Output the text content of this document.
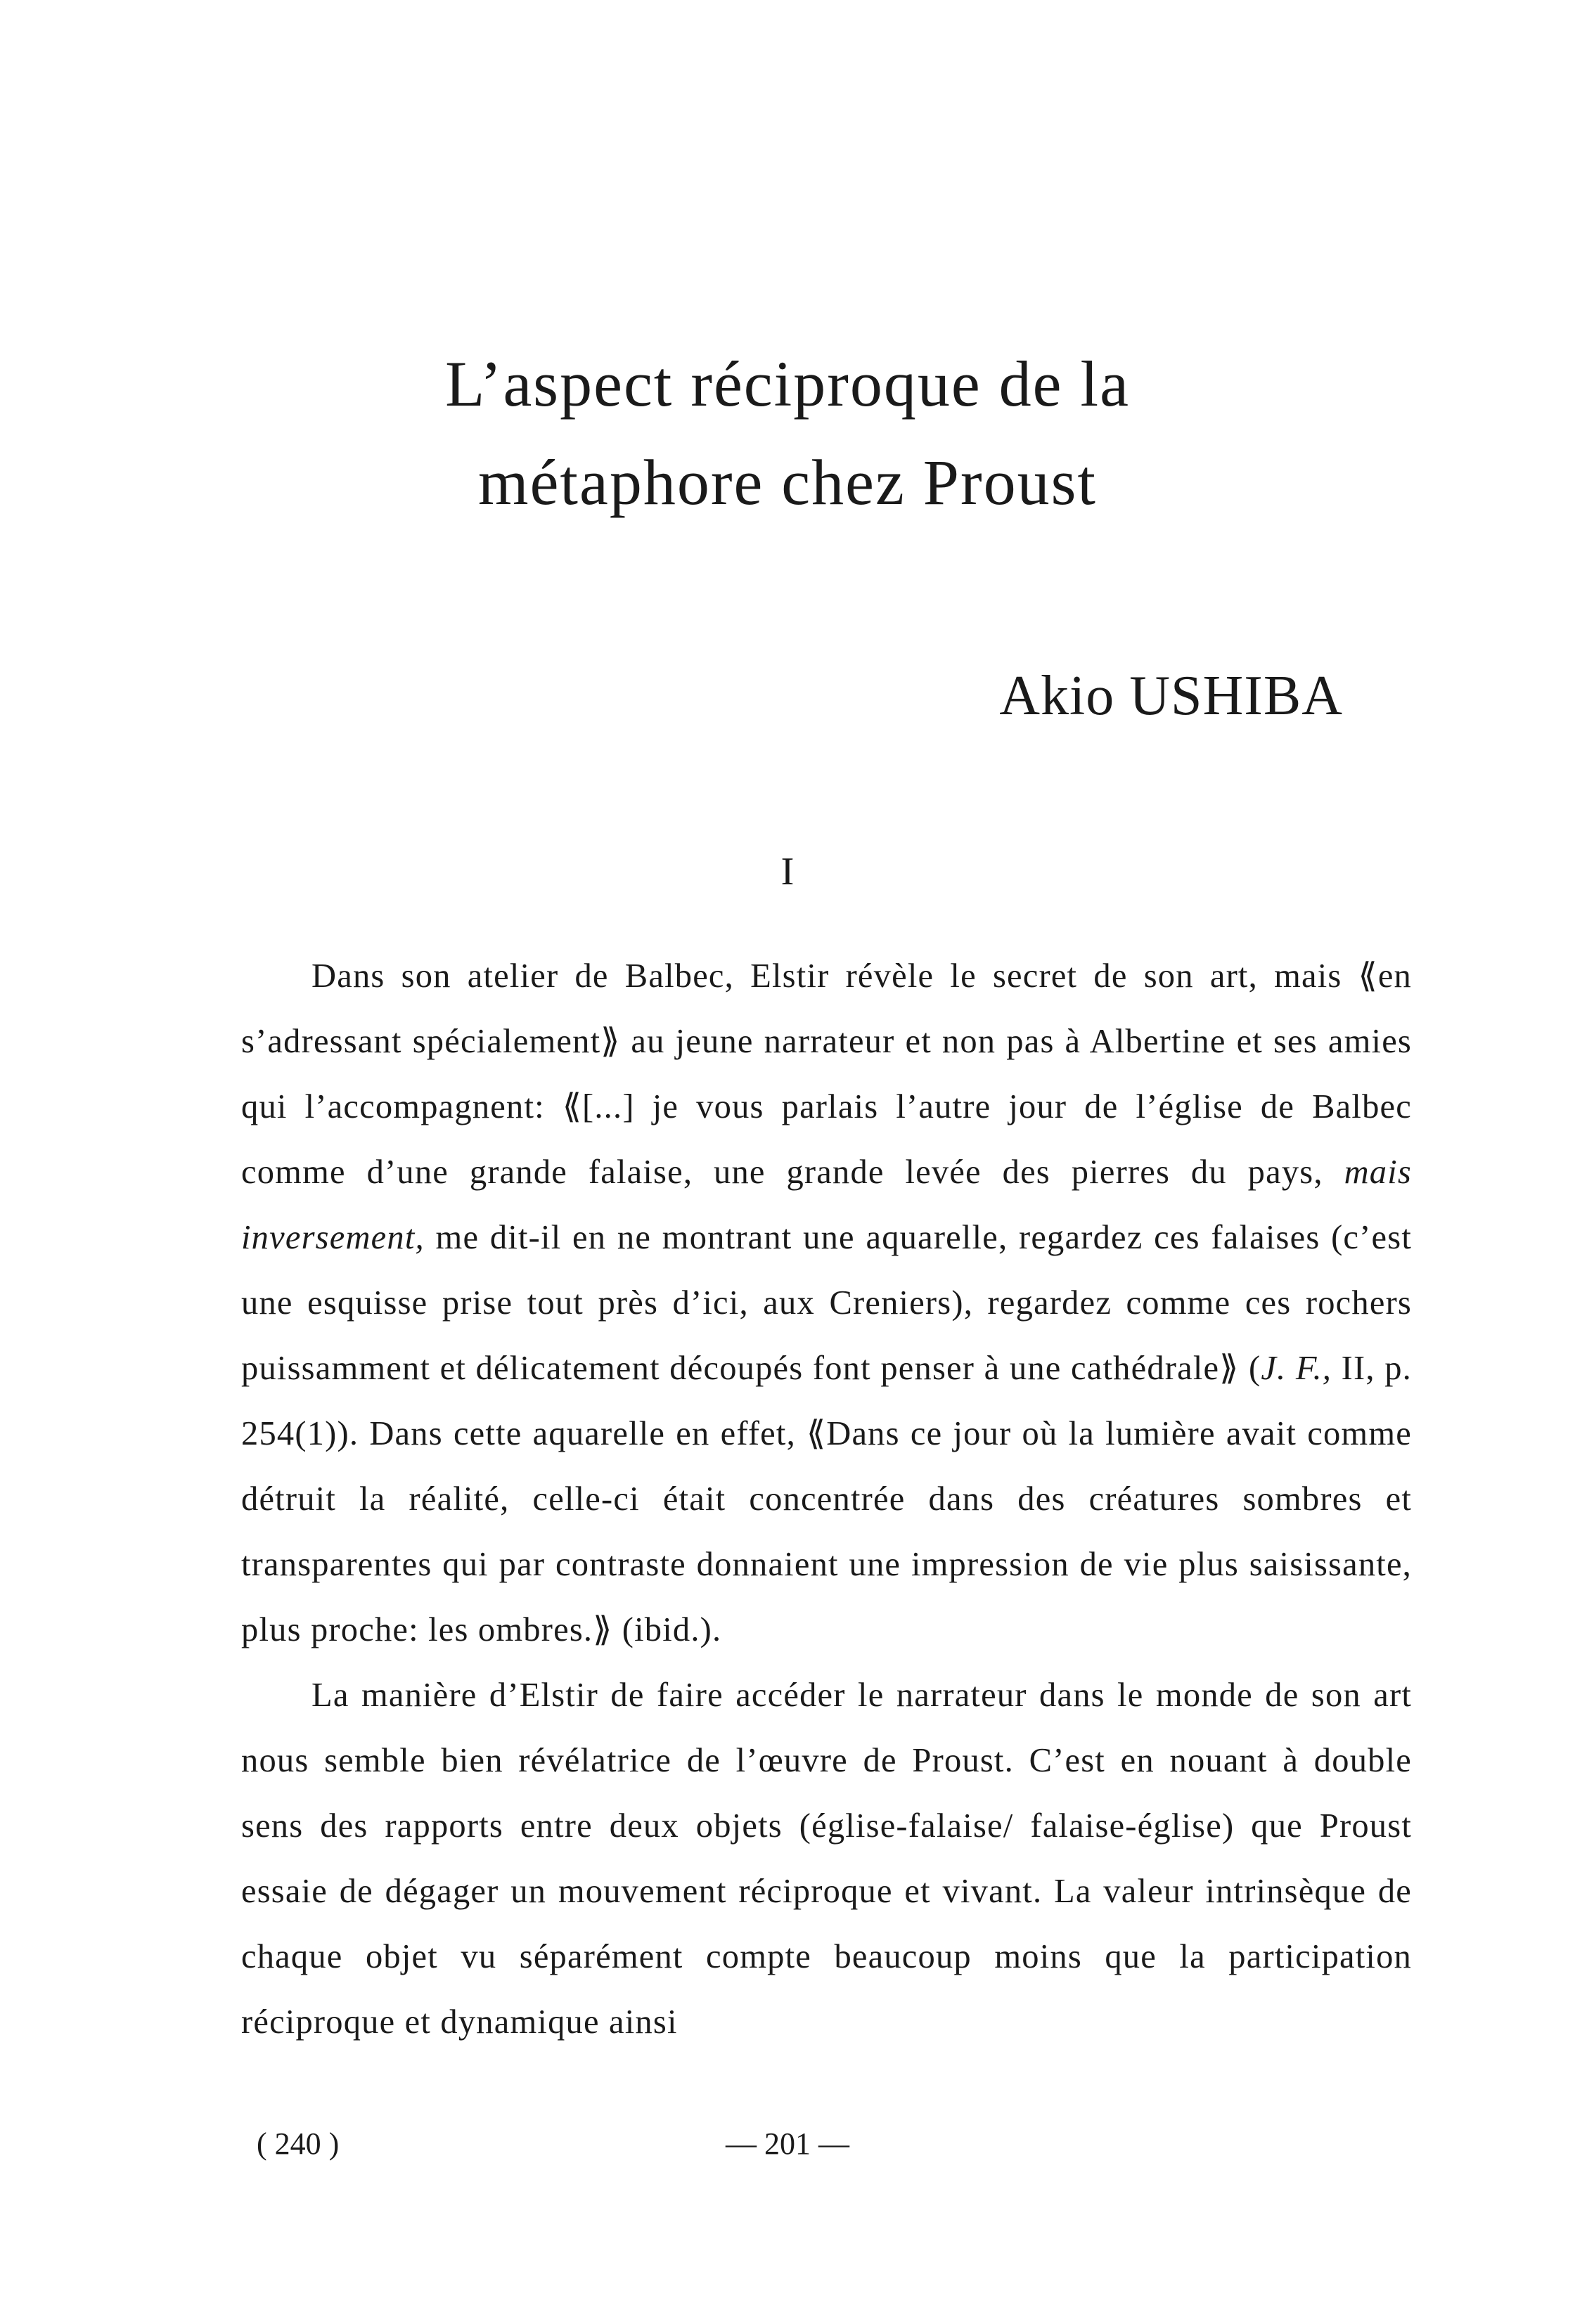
L’aspect réciproque de la
métaphore chez Proust
Akio USHIBA
I

Dans son atelier de Balbec, Elstir révèle le secret de son art, mais ⟪en s’adressant spécialement⟫ au jeune narrateur et non pas à Albertine et ses amies qui l’accompagnent: ⟪[...] je vous parlais l’autre jour de l’église de Balbec comme d’une grande falaise, une grande levée des pierres du pays, mais inversement, me dit-il en ne montrant une aquarelle, regardez ces falaises (c’est une esquisse prise tout près d’ici, aux Creniers), regardez comme ces rochers puissamment et délicatement découpés font penser à une cathédrale⟫ (J. F., II, p. 254(1)). Dans cette aquarelle en effet, ⟪Dans ce jour où la lumière avait comme détruit la réalité, celle-ci était concentrée dans des créatures sombres et transparentes qui par contraste donnaient une impression de vie plus saisissante, plus proche: les ombres.⟫ (ibid.).

La manière d’Elstir de faire accéder le narrateur dans le monde de son art nous semble bien révélatrice de l’œuvre de Proust. C’est en nouant à double sens des rapports entre deux objets (église-falaise/ falaise-église) que Proust essaie de dégager un mouvement réciproque et vivant. La valeur intrinsèque de chaque objet vu séparément compte beaucoup moins que la participation réciproque et dynamique ainsi

( 240 )	— 201 —
